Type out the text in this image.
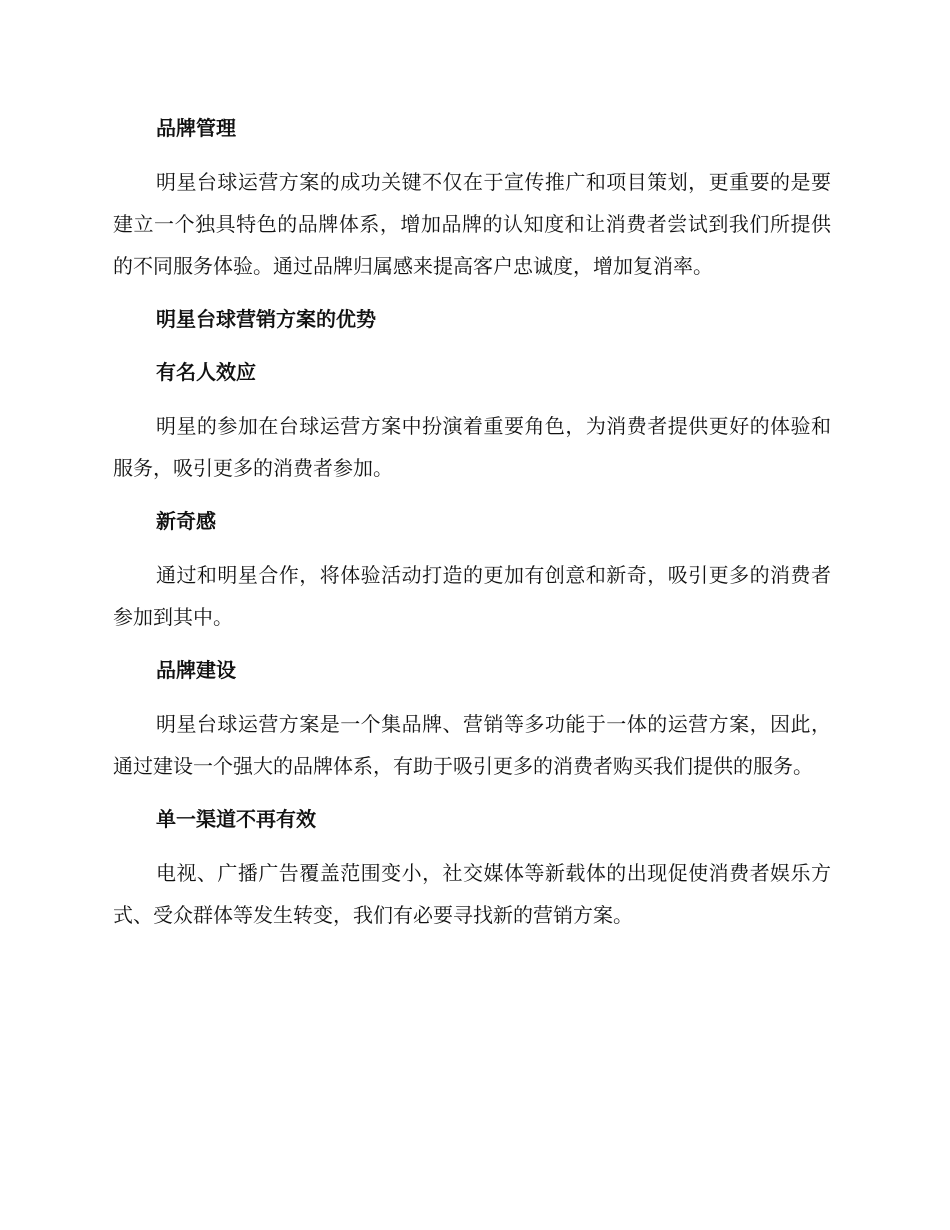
品牌管理

明星台球运营方案的成功关键不仅在于宣传推广和项目策划，更重要的是要建立一个独具特色的品牌体系，增加品牌的认知度和让消费者尝试到我们所提供的不同服务体验。通过品牌归属感来提高客户忠诚度，增加复消率。

明星台球营销方案的优势
有名人效应

明星的参加在台球运营方案中扮演着重要角色，为消费者提供更好的体验和服务，吸引更多的消费者参加。

新奇感

通过和明星合作，将体验活动打造的更加有创意和新奇，吸引更多的消费者参加到其中。

品牌建设

明星台球运营方案是一个集品牌、营销等多功能于一体的运营方案，因此，通过建设一个强大的品牌体系，有助于吸引更多的消费者购买我们提供的服务。

单一渠道不再有效

电视、广播广告覆盖范围变小，社交媒体等新载体的出现促使消费者娱乐方式、受众群体等发生转变，我们有必要寻找新的营销方案。
